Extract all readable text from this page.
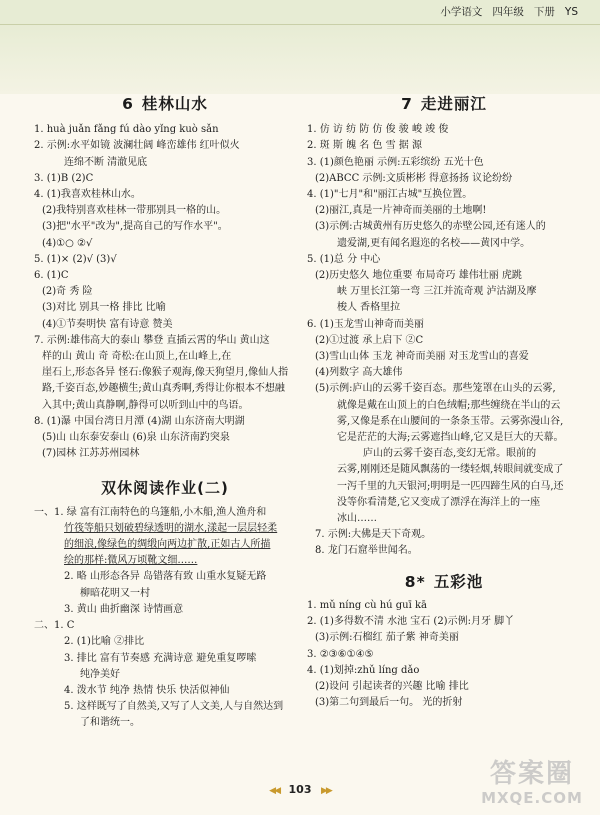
小学语文 四年级 下册 YS
6 桂林山水
1. huà juǎn fǎng fú dào yǐng kuò sǎn
2. 示例:水平如镜 波澜壮阔 峰峦雄伟 红叶似火
连绵不断 清澈见底
3. (1)B (2)C
4. (1)我喜欢桂林山水。
(2)我特别喜欢桂林一带那别具一格的山。
(3)把"水平"改为",提高自己的写作水平"。
(4)①○ ②√
5. (1)× (2)√ (3)√
6. (1)C
(2)奇 秀 险
(3)对比 别具一格 排比 比喻
(4)①节奏明快 富有诗意 赞美
7. 示例:雄伟高大的泰山 攀登 直插云霄的华山 黄山这
样的山 黄山 奇 奇松:在山顶上,在山峰上,在
崖石上,形态各异 怪石:像猴子观海,像天狗望月,像仙人指
路,千姿百态,妙趣横生;黄山真秀啊,秀得让你根本不想融
入其中;黄山真静啊,静得可以听到山中的鸟语。
8. (1)瀑 中国台湾日月潭 (4)湖 山东济南大明湖
(5)山 山东泰安泰山 (6)泉 山东济南趵突泉
(7)园林 江苏苏州园林
双休阅读作业(二)
一、1. 绿 富有江南特色的乌篷船,小木船,渔人渔舟和
竹筏等船只划破碧绿透明的湖水,漾起一层层轻柔
的细浪,像绿色的绸缎向两边扩散,正如古人所描
绘的那样:微风万顷靴文细……
2. 略 山形态各异 岛错落有致 山重水复疑无路
柳暗花明又一村
3. 黄山 曲折幽深 诗情画意
二、1. C
2. (1)比喻 ②排比
3. 排比 富有节奏感 充满诗意 避免重复啰嗦
纯净美好
4. 泼水节 纯净 热情 快乐 快活似神仙
5. 这样既写了自然美,又写了人文美,人与自然达到
了和谐统一。
7 走进丽江
1. 仿 访 纺 防 仿 俊 骏 峻 竣 俊
2. 斑 斯 魄 名 色 雪 据 源
3. (1)颜色艳丽 示例:五彩缤纷 五光十色
(2)ABCC 示例:文质彬彬 得意扬扬 议论纷纷
4. (1)"七月"和"丽江古城"互换位置。
(2)丽江,真是一片神奇而美丽的土地啊!
(3)示例:古城黄州有历史悠久的赤壁公园,还有迷人的
遗爱湖,更有闻名遐迩的名校——黄冈中学。
5. (1)总 分 中心
(2)历史悠久 地位重要 布局奇巧 雄伟壮丽 虎跳
峡 万里长江第一弯 三江并流奇观 泸沽湖及摩
梭人 香格里拉
6. (1)玉龙雪山神奇而美丽
(2)①过渡 承上启下 ②C
(3)雪山山体 玉龙 神奇而美丽 对玉龙雪山的喜爱
(4)列数字 高大雄伟
(5)示例:庐山的云雾千姿百态。那些笼罩在山头的云雾,
就像是戴在山顶上的白色绒帽;那些缠绕在半山的云
雾,又像是系在山腰间的一条条玉带。云雾弥漫山谷,
它是茫茫的大海;云雾遮挡山峰,它又是巨大的天幕。
庐山的云雾千姿百态,变幻无常。眼前的
云雾,刚刚还是随风飘荡的一缕轻烟,转眼间就变成了
一泻千里的九天银河;明明是一匹四蹄生风的白马,还
没等你看清楚,它又变成了漂浮在海洋上的一座
冰山……
7. 示例:大佛是天下奇观。
8. 龙门石窟举世闻名。
8* 五彩池
1. mǔ níng cù hú guī kā
2. (1)多得数不清 水池 宝石 (2)示例:月牙 脚丫
(3)示例:石榴红 茄子紫 神奇美丽
3. ②③⑥①④⑤
4. (1)划掉:zhǔ líng dǎo
(2)设问 引起读者的兴趣 比喻 排比
(3)第二句到最后一句。 光的折射
◀◀ 103 ▶▶
答案圈
MXQE.COM
